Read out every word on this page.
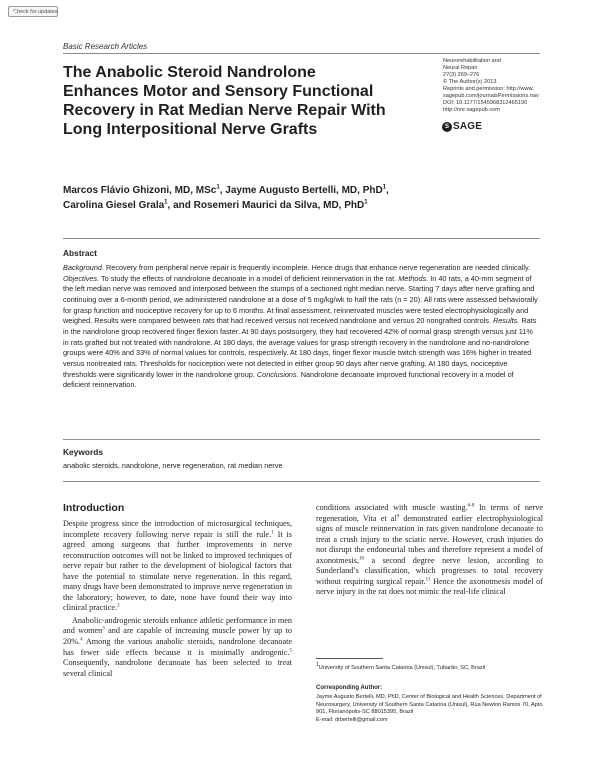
Check for updates
Basic Research Articles
The Anabolic Steroid Nandrolone Enhances Motor and Sensory Functional Recovery in Rat Median Nerve Repair With Long Interpositional Nerve Grafts
Neurorehabilitation and
Neural Repair
27(3) 269–276
© The Author(s) 2013
Reprints and permission: http://www.
sagepub.com/journalsPermissions.nav
DOI: 10.1177/1545968312465190
http://nnr.sagepub.com
S SAGE
Marcos Flávio Ghizoni, MD, MSc$^1$, Jayme Augusto Bertelli, MD, PhD$^1$,
Carolina Giesel Grala$^1$, and Rosemeri Maurici da Silva, MD, PhD$^1$
Abstract

Background. Recovery from peripheral nerve repair is frequently incomplete. Hence drugs that enhance nerve regeneration are needed clinically. Objectives. To study the effects of nandrolone decanoate in a model of deficient reinnervation in the rat. Methods. In 40 rats, a 40-mm segment of the left median nerve was removed and interposed between the stumps of a sectioned right median nerve. Starting 7 days after nerve grafting and continuing over a 6-month period, we administered nandrolone at a dose of 5 mg/kg/wk to half the rats (n = 20). All rats were assessed behaviorally for grasp function and nociceptive recovery for up to 6 months. At final assessment, reinnervated muscles were tested electrophysiologically and weighed. Results were compared between rats that had received versus not received nandrolone and versus 20 nongrafted controls. Results. Rats in the nandrolone group recovered finger flexion faster. At 90 days postsurgery, they had recovered 42% of normal grasp strength versus just 11% in rats grafted but not treated with nandrolone. At 180 days, the average values for grasp strength recovery in the nandrolone and no-nandrolone groups were 40% and 33% of normal values for controls, respectively. At 180 days, finger flexor muscle twitch strength was 16% higher in treated versus nontreated rats. Thresholds for nociception were not detected in either group 90 days after nerve grafting. At 180 days, nociceptive thresholds were significantly lower in the nandrolone group. Conclusions. Nandrolone decanoate improved functional recovery in a model of deficient reinnervation.

Keywords

anabolic steroids, nandrolone, nerve regeneration, rat median nerve

Introduction

Despite progress since the introduction of microsurgical techniques, incomplete recovery following nerve repair is still the rule.$^1$ It is agreed among surgeons that further improvements in nerve reconstruction outcomes will not be linked to improved techniques of nerve repair but rather to the development of biological factors that have the potential to stimulate nerve regeneration. In this regard, many drugs have been demonstrated to improve nerve regeneration in the laboratory; however, to date, none have found their way into clinical practice.$^2$

Anabolic-androgenic steroids enhance athletic performance in men and women$^3$ and are capable of increasing muscle power by up to 20%.$^4$ Among the various anabolic steroids, nandrolone decanoate has fewer side effects because it is minimally androgenic.$^5$ Consequently, nandrolone decanoate has been selected to treat several clinical

conditions associated with muscle wasting.$^{6-8}$ In terms of nerve regeneration, Vita et $al^9$ demonstrated earlier electrophysiological signs of muscle reinnervation in rats given nandrolone decanoate to treat a crush injury to the sciatic nerve. However, crush injuries do not disrupt the endoneurial tubes and therefore represent a model of axonotmesis,$^{10}$ a second degree nerve lesion, according to Sunderland’s classification, which progresses to total recovery without requiring surgical repair.$^{11}$ Hence the axonotmesis model of nerve injury in the rat does not mimic the real-life clinical

$^1$University of Southern Santa Catarina (Unisul), Tubarão, SC, Brazil

Corresponding Author:

Jayme Augusto Bertelli, MD, PhD, Center of Biological and Health Sciences, Department of Neurosurgery, University of Southern Santa Catarina (Unisul), Rua Newton Ramos 70, Apto 901, Florianópolis-SC 88015395, Brazil

E-mail: drbertelli@gmail.com
